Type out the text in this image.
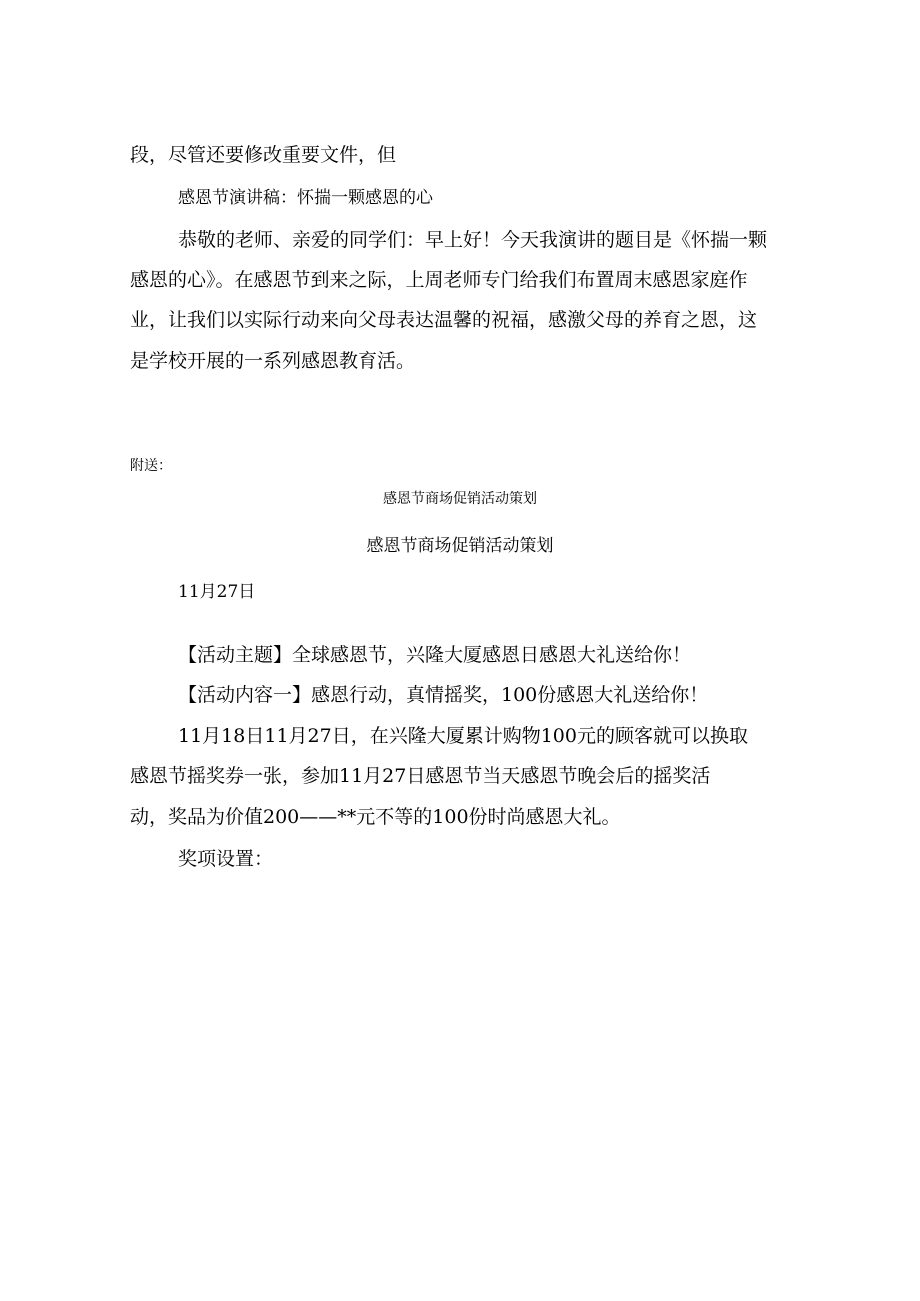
段，尽管还要修改重要文件，但
感恩节演讲稿：怀揣一颗感恩的心
恭敬的老师、亲爱的同学们：早上好！今天我演讲的题目是《怀揣一颗
感恩的心》。在感恩节到来之际，上周老师专门给我们布置周末感恩家庭作
业，让我们以实际行动来向父母表达温馨的祝福，感激父母的养育之恩，这
是学校开展的一系列感恩教育活。
附送：
感恩节商场促销活动策划
感恩节商场促销活动策划
11月27日
【活动主题】全球感恩节，兴隆大厦感恩日感恩大礼送给你！
【活动内容一】感恩行动，真情摇奖，100份感恩大礼送给你！
11月18日11月27日，在兴隆大厦累计购物100元的顾客就可以换取
感恩节摇奖券一张，参加11月27日感恩节当天感恩节晚会后的摇奖活
动，奖品为价值200——**元不等的100份时尚感恩大礼。
奖项设置：
